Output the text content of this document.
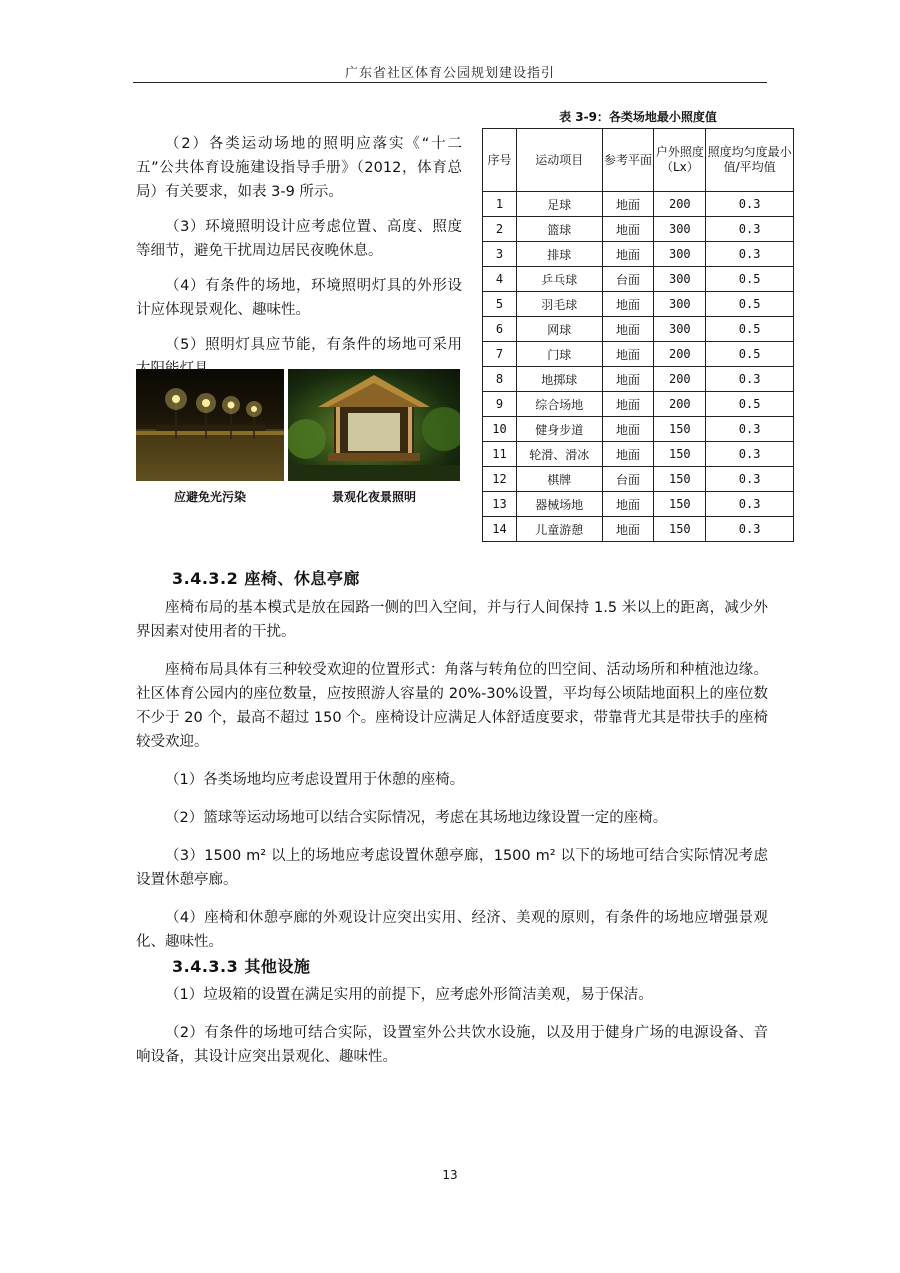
广东省社区体育公园规划建设指引

（2）各类运动场地的照明应落实《“十二五”公共体育设施建设指导手册》（2012，体育总局）有关要求，如表 3-9 所示。

（3）环境照明设计应考虑位置、高度、照度等细节，避免干扰周边居民夜晚休息。

（4）有条件的场地，环境照明灯具的外形设计应体现景观化、趣味性。

（5）照明灯具应节能，有条件的场地可采用

应避免光污染	景观化夜景照明
表 3-9：各类场地最小照度值
序号	运动项目	参考平面	户外照度（Lx）	照度均匀度最小值/平均值
1	足球	地面	200	0.3
2	篮球	地面	300	0.3
3	排球	地面	300	0.3
4	乒乓球	台面	300	0.5
5	羽毛球	地面	300	0.5
6	网球	地面	300	0.5
7	门球	地面	200	0.5
8	地掷球	地面	200	0.3
9	综合场地	地面	200	0.5
10	健身步道	地面	150	0.3
11	轮滑、滑冰	地面	150	0.3
12	棋牌	台面	150	0.3
13	器械场地	地面	150	0.3
14	儿童游憩	地面	150	0.3
3.4.3.2 座椅、休息亭廊

座椅布局的基本模式是放在园路一侧的凹入空间，并与行人间保持 1.5 米以上的距离，减少外界因素对使用者的干扰。

座椅布局具体有三种较受欢迎的位置形式：角落与转角位的凹空间、活动场所和种植池边缘。社区体育公园内的座位数量，应按照游人容量的 20%-30%设置，平均每公顷陆地面积上的座位数不少于 20 个，最高不超过 150 个。座椅设计应满足人体舒适度要求，带靠背尤其是带扶手的座椅较受欢迎。

（1）各类场地均应考虑设置用于休憩的座椅。

（2）篮球等运动场地可以结合实际情况，考虑在其场地边缘设置一定的座椅。

（3）1500 m² 以上的场地应考虑设置休憩亭廊，1500 m² 以下的场地可结合实际情况考虑设置休憩亭廊。

（4）座椅和休憩亭廊的外观设计应突出实用、经济、美观的原则，有条件的场地应增强景观化、趣味性。

3.4.3.3 其他设施

（1）垃圾箱的设置在满足实用的前提下，应考虑外形简洁美观，易于保洁。

（2）有条件的场地可结合实际，设置室外公共饮水设施，以及用于健身广场的电源设备、音响设备，其设计应突出景观化、趣味性。

13
